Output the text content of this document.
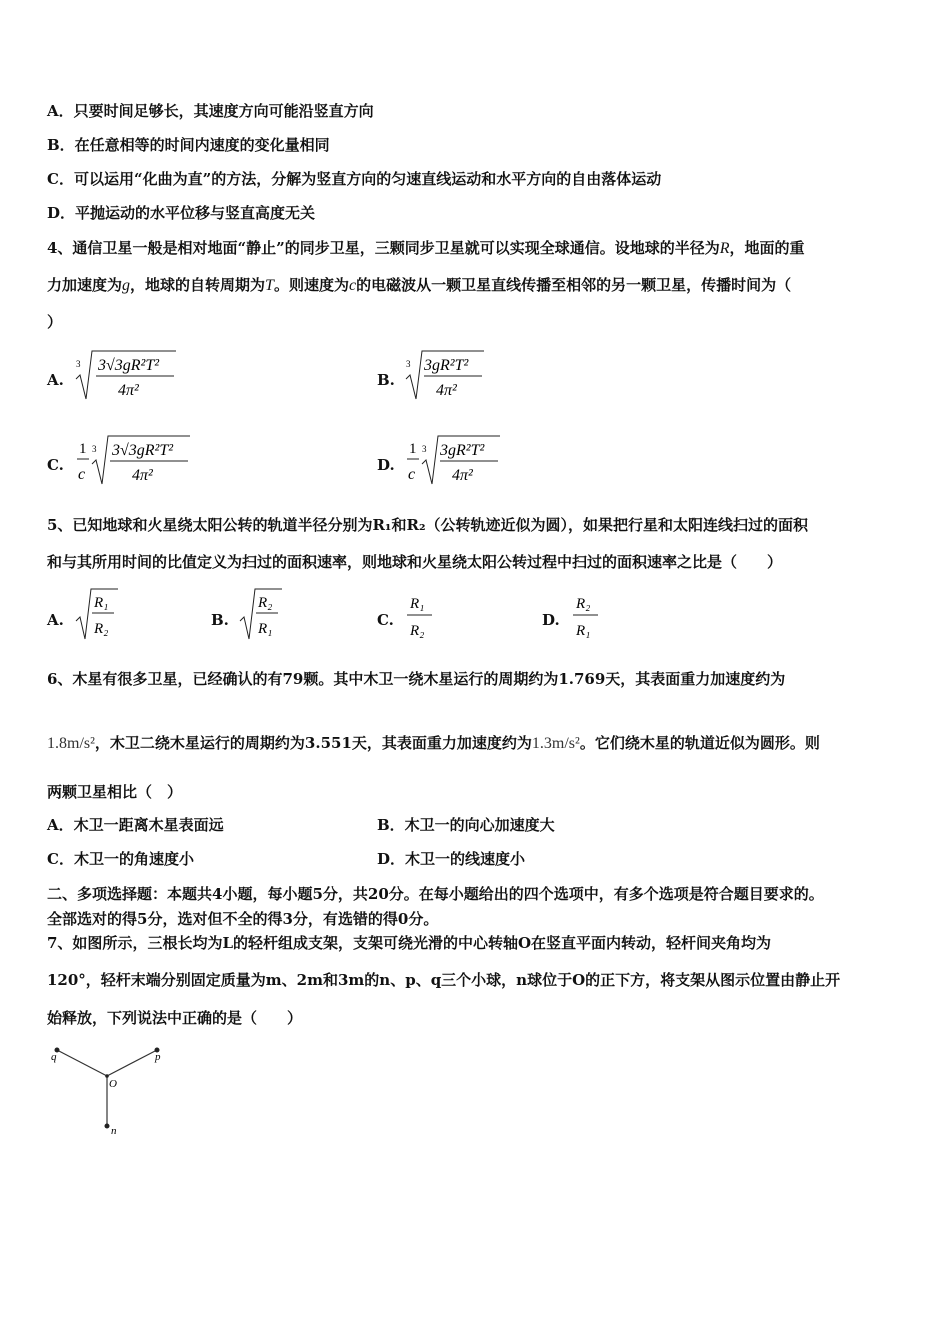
A．只要时间足够长，其速度方向可能沿竖直方向
B．在任意相等的时间内速度的变化量相同
C．可以运用“化曲为直”的方法，分解为竖直方向的匀速直线运动和水平方向的自由落体运动
D．平抛运动的水平位移与竖直高度无关
4、通信卫星一般是相对地面“静止”的同步卫星，三颗同步卫星就可以实现全球通信。设地球的半径为R，地面的重
力加速度为g，地球的自转周期为T。则速度为c的电磁波从一颗卫星直线传播至相邻的另一颗卫星，传播时间为（
）
A.
3 3√3gR²T²
4π²
B.
3 3gR²T²
4π²
C.
1
c
3 3√3gR²T²
4π²
D.
1
c
3 3gR²T²
4π²
5、已知地球和火星绕太阳公转的轨道半径分别为R₁和R₂（公转轨迹近似为圆），如果把行星和太阳连线扫过的面积
和与其所用时间的比值定义为扫过的面积速率，则地球和火星绕太阳公转过程中扫过的面积速率之比是（　　）
A.
R₁
R₂	B.
R₂
R₁	C.
R₁
R₂
D.
R₂
R₁
6、木星有很多卫星，已经确认的有79颗。其中木卫一绕木星运行的周期约为1.769天，其表面重力加速度约为
1.8m/s²，木卫二绕木星运行的周期约为3.551天，其表面重力加速度约为1.3m/s²。它们绕木星的轨道近似为圆形。则
两颗卫星相比（　）
A．木卫一距离木星表面远	B．木卫一的向心加速度大
C．木卫一的角速度小	D．木卫一的线速度小
二、多项选择题：本题共4小题，每小题5分，共20分。在每小题给出的四个选项中，有多个选项是符合题目要求的。
全部选对的得5分，选对但不全的得3分，有选错的得0分。
7、如图所示，三根长均为L的轻杆组成支架，支架可绕光滑的中心转轴O在竖直平面内转动，轻杆间夹角均为
120°，轻杆末端分别固定质量为m、2m和3m的n、p、q三个小球，n球位于O的正下方，将支架从图示位置由静止开
始释放，下列说法中正确的是（　　）
q	p
O
n
